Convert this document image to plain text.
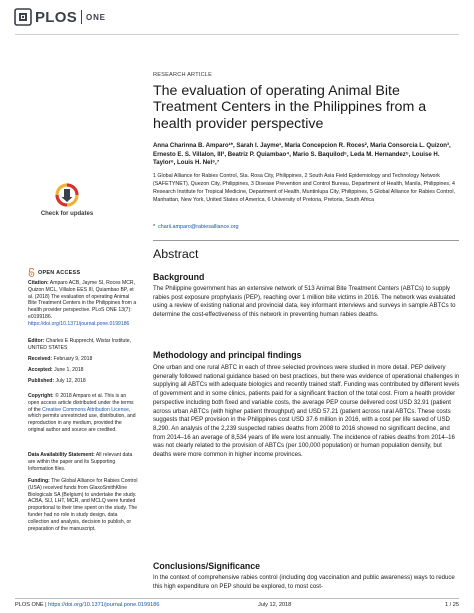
PLOS ONE
RESEARCH ARTICLE
The evaluation of operating Animal Bite Treatment Centers in the Philippines from a health provider perspective
Anna Charinna B. Amparo¹*, Sarah I. Jayme¹, Maria Concepcion R. Roces², Maria Consorcia L. Quizon³, Ernesto E. S. Villalon, III³, Beatriz P. Quiambao⁴, Mario S. Baquilod⁵, Leda M. Hernandez⁵, Louise H. Taylor⁶, Louis H. Nel⁶,⁷
1 Global Alliance for Rabies Control, Sta. Rosa City, Philippines, 2 South Asia Field Epidemiology and Technology Network (SAFETYNET), Quezon City, Philippines, 3 Disease Prevention and Control Bureau, Department of Health, Manila, Philippines, 4 Research Institute for Tropical Medicine, Department of Health, Muntinlupa City, Philippines, 5 Global Alliance for Rabies Control, Manhattan, New York, United States of America, 6 University of Pretoria, Pretoria, South Africa
* charii.amparo@rabiesalliance.org
Check for updates
Abstract
Background

The Philippine government has an extensive network of 513 Animal Bite Treatment Centers (ABTCs) to supply rabies post exposure prophylaxis (PEP), reaching over 1 million bite victims in 2016. The network was evaluated using a review of existing national and provincial data, key informant interviews and surveys in sample ABTCs to determine the cost-effectiveness of this network in preventing human rabies deaths.

Methodology and principal findings

One urban and one rural ABTC in each of three selected provinces were studied in more detail. PEP delivery generally followed national guidance based on best practices, but there was evidence of operational challenges in supplying all ABTCs with adequate biologics and recently trained staff. Funding was contributed by different levels of government and in some clinics, patients paid for a significant fraction of the total cost. From a health provider perspective including both fixed and variable costs, the average PEP course delivered cost USD 32.91 (patient across urban ABTCs (with higher patient throughput) and USD 57.21 (patient across rural ABTCs. These costs suggests that PEP provision in the Philippines cost USD 37.6 million in 2016, with a cost per life saved of USD 8,290. An analysis of the 2,239 suspected rabies deaths from 2008 to 2016 showed no significant decline, and from 2014–16 an average of 8,534 years of life were lost annually. The incidence of rabies deaths from 2014–16 was not clearly related to the provision of ABTCs (per 100,000 population) or human population density, but deaths were more common in higher income provinces.

Conclusions/Significance

In the context of comprehensive rabies control (including dog vaccination and public awareness) ways to reduce this high expenditure on PEP should be explored, to most cost-

OPEN ACCESS
Citation: Amparo ACB, Jayme SI, Roces MCR, Quizon MCL, Villalon EES III, Quiambao BP, et al. (2018) The evaluation of operating Animal Bite Treatment Centers in the Philippines from a health provider perspective. PLoS ONE 13(7): e0199186. https://doi.org/10.1371/journal.pone.0199186
Editor: Charles E Rupprecht, Wistar Institute, UNITED STATES
Received: February 9, 2018
Accepted: June 1, 2018
Published: July 12, 2018
Copyright: © 2018 Amparo et al. This is an open access article distributed under the terms of the Creative Commons Attribution License, which permits unrestricted use, distribution, and reproduction in any medium, provided the original author and source are credited.
Data Availability Statement: All relevant data are within the paper and its Supporting Information files.
Funding: The Global Alliance for Rabies Control (USA) received funds from GlaxoSmithKline Biologicals SA (Belgium) to undertake the study. ACBA, SIJ, LHT, MCR, and MCLQ were funded proportional to their time spent on the study. The funder had no role in study design, data collection and analysis, decision to publish, or preparation of the manuscript.
PLOS ONE | https://doi.org/10.1371/journal.pone.0199186	July 12, 2018	1 / 25
